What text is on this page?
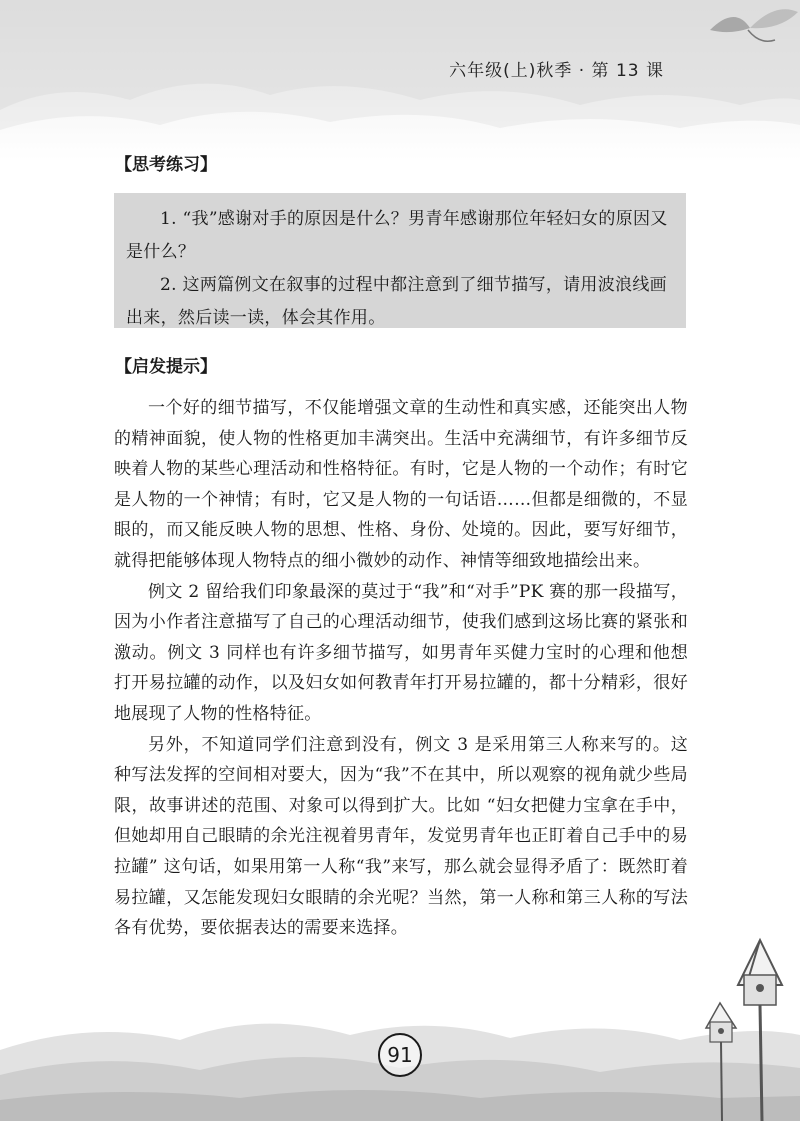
六年级(上)秋季 · 第 13 课
【思考练习】

1. “我”感谢对手的原因是什么？男青年感谢那位年轻妇女的原因又是什么？

2. 这两篇例文在叙事的过程中都注意到了细节描写，请用波浪线画出来，然后读一读，体会其作用。

【启发提示】

一个好的细节描写，不仅能增强文章的生动性和真实感，还能突出人物的精神面貌，使人物的性格更加丰满突出。生活中充满细节，有许多细节反映着人物的某些心理活动和性格特征。有时，它是人物的一个动作；有时它是人物的一个神情；有时，它又是人物的一句话语……但都是细微的，不显眼的，而又能反映人物的思想、性格、身份、处境的。因此，要写好细节，就得把能够体现人物特点的细小微妙的动作、神情等细致地描绘出来。

例文 2 留给我们印象最深的莫过于“我”和“对手”PK 赛的那一段描写，因为小作者注意描写了自己的心理活动细节，使我们感到这场比赛的紧张和激动。例文 3 同样也有许多细节描写，如男青年买健力宝时的心理和他想打开易拉罐的动作，以及妇女如何教青年打开易拉罐的，都十分精彩，很好地展现了人物的性格特征。

另外，不知道同学们注意到没有，例文 3 是采用第三人称来写的。这种写法发挥的空间相对要大，因为“我”不在其中，所以观察的视角就少些局限，故事讲述的范围、对象可以得到扩大。比如 “妇女把健力宝拿在手中，但她却用自己眼睛的余光注视着男青年，发觉男青年也正盯着自己手中的易拉罐” 这句话，如果用第一人称“我”来写，那么就会显得矛盾了：既然盯着易拉罐，又怎能发现妇女眼睛的余光呢？当然，第一人称和第三人称的写法各有优势，要依据表达的需要来选择。

91
